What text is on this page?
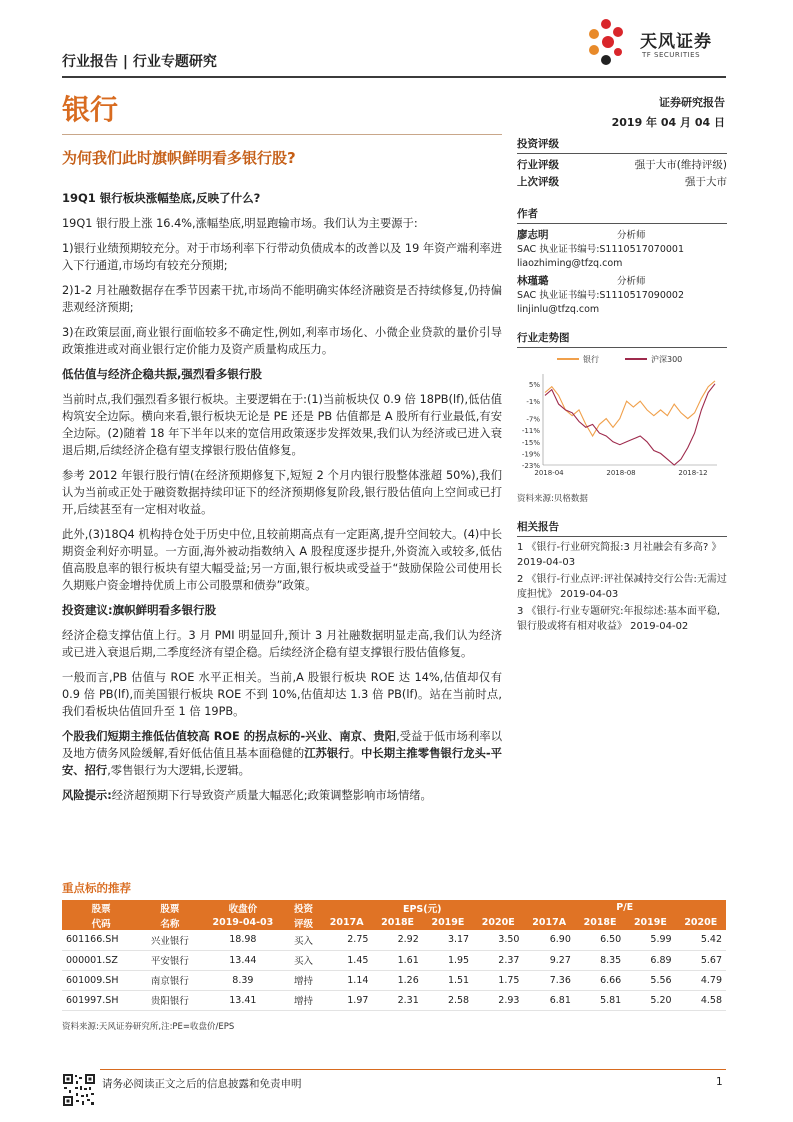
行业报告 | 行业专题研究
天风证券
TF SECURITIES
银行	证券研究报告
2019 年 04 月 04 日
为何我们此时旗帜鲜明看多银行股?

19Q1 银行板块涨幅垫底,反映了什么?

19Q1 银行股上涨 16.4%,涨幅垫底,明显跑输市场。我们认为主要源于:

1)银行业绩预期较充分。对于市场利率下行带动负债成本的改善以及 19 年资产端利率进入下行通道,市场均有较充分预期;

2)1-2 月社融数据存在季节因素干扰,市场尚不能明确实体经济融资是否持续修复,仍持偏悲观经济预期;

3)在政策层面,商业银行面临较多不确定性,例如,利率市场化、小微企业贷款的量价引导政策推进或对商业银行定价能力及资产质量构成压力。

低估值与经济企稳共振,强烈看多银行股

当前时点,我们强烈看多银行板块。主要逻辑在于:(1)当前板块仅 0.9 倍 18PB(lf),低估值构筑安全边际。横向来看,银行板块无论是 PE 还是 PB 估值都是 A 股所有行业最低,有安全边际。(2)随着 18 年下半年以来的宽信用政策逐步发挥效果,我们认为经济或已进入衰退后期,后续经济企稳有望支撑银行股估值修复。

参考 2012 年银行股行情(在经济预期修复下,短短 2 个月内银行股整体涨超 50%),我们认为当前或正处于融资数据持续印证下的经济预期修复阶段,银行股估值向上空间或已打开,后续甚至有一定相对收益。

此外,(3)18Q4 机构持仓处于历史中位,且较前期高点有一定距离,提升空间较大。(4)中长期资金利好亦明显。一方面,海外被动指数纳入 A 股程度逐步提升,外资流入或较多,低估值高股息率的银行板块有望大幅受益;另一方面,银行板块或受益于“鼓励保险公司使用长久期账户资金增持优质上市公司股票和债券”政策。

投资建议:旗帜鲜明看多银行股

经济企稳支撑估值上行。3 月 PMI 明显回升,预计 3 月社融数据明显走高,我们认为经济或已进入衰退后期,二季度经济有望企稳。后续经济企稳有望支撑银行股估值修复。

一般而言,PB 估值与 ROE 水平正相关。当前,A 股银行板块 ROE 达 14%,估值却仅有 0.9 倍 PB(lf),而美国银行板块 ROE 不到 10%,估值却达 1.3 倍 PB(lf)。站在当前时点,我们看板块估值回升至 1 倍 19PB。

个股我们短期主推低估值较高 ROE 的拐点标的-兴业、南京、贵阳,受益于低市场利率以及地方债务风险缓解,看好低估值且基本面稳健的江苏银行。中长期主推零售银行龙头-平安、招行,零售银行为大逻辑,长逻辑。

风险提示:经济超预期下行导致资产质量大幅恶化;政策调整影响市场情绪。

投资评级
行业评级	强于大市(维持评级)
上次评级	强于大市
作者
廖志明	分析师
SAC 执业证书编号:S1110517070001
liaozhiming@tfzq.com
林瑾璐	分析师
SAC 执业证书编号:S1110517090002
linjinlu@tfzq.com
行业走势图
银行	沪深300
5%
-1%
-7%
-11%
-15%
-19%
-23%
2018-04	2018-08	2018-12
资料来源:贝格数据
相关报告
1 《银行-行业研究简报:3 月社融会有多高? 》 2019-04-03
2 《银行-行业点评:评社保减持交行公告:无需过度担忧》 2019-04-03
3 《银行-行业专题研究:年报综述:基本面平稳,银行股或将有相对收益》 2019-04-02
重点标的推荐
股票	股票	收盘价	投资	EPS(元)				P/E			
代码	名称	2019-04-03	评级	2017A	2018E	2019E	2020E	2017A	2018E	2019E	2020E
601166.SH	兴业银行	18.98	买入	2.75	2.92	3.17	3.50	6.90	6.50	5.99	5.42
000001.SZ	平安银行	13.44	买入	1.45	1.61	1.95	2.37	9.27	8.35	6.89	5.67
601009.SH	南京银行	8.39	增持	1.14	1.26	1.51	1.75	7.36	6.66	5.56	4.79
601997.SH	贵阳银行	13.41	增持	1.97	2.31	2.58	2.93	6.81	5.81	5.20	4.58
资料来源:天风证券研究所,注:PE=收盘价/EPS
请务必阅读正文之后的信息披露和免责申明	1
